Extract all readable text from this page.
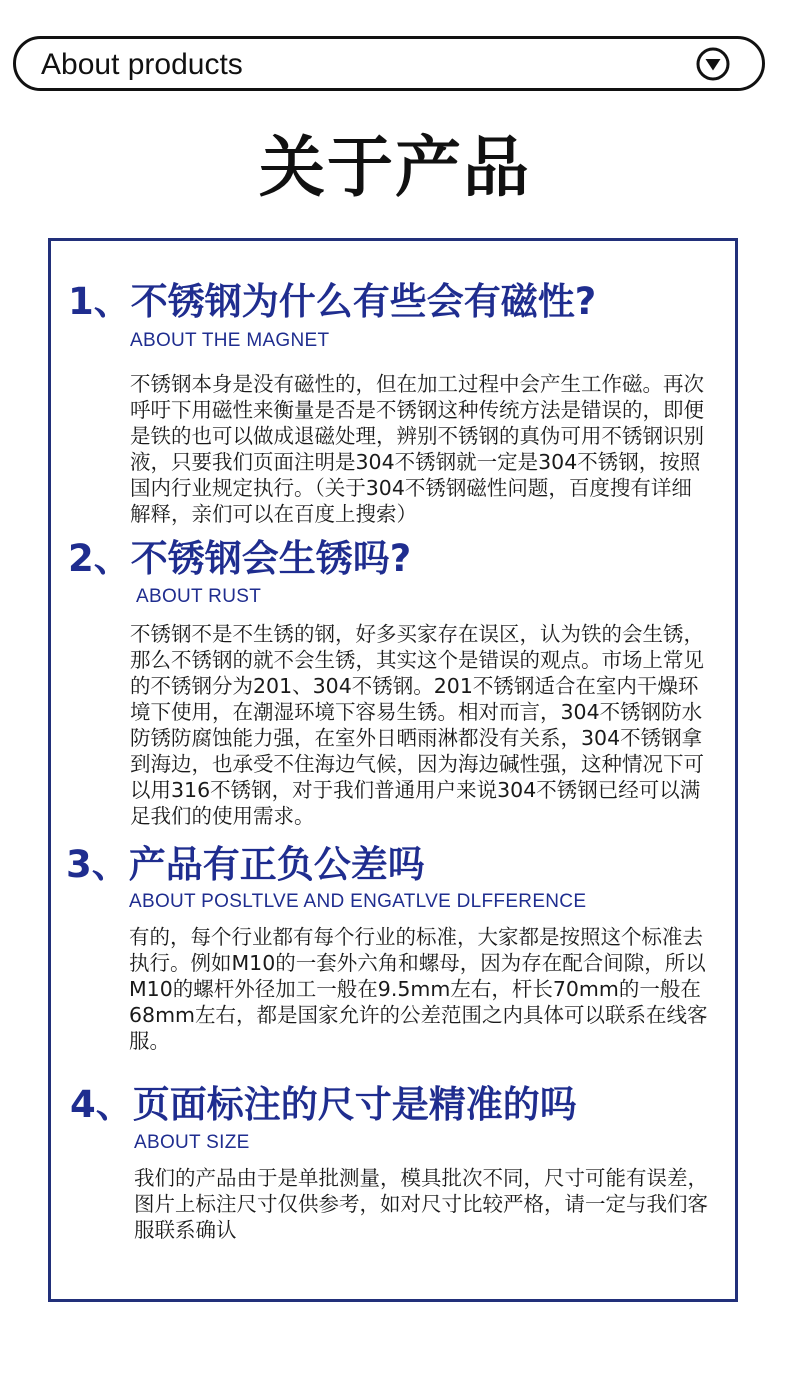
About products
关于产品
1、不锈钢为什么有些会有磁性?
ABOUT THE MAGNET

不锈钢本身是没有磁性的，但在加工过程中会产生工作磁。再次呼吁下用磁性来衡量是否是不锈钢这种传统方法是错误的，即便是铁的也可以做成退磁处理，辨别不锈钢的真伪可用不锈钢识别液，只要我们页面注明是304不锈钢就一定是304不锈钢，按照国内行业规定执行。（关于304不锈钢磁性问题，百度搜有详细解释，亲们可以在百度上搜索）

2、不锈钢会生锈吗?
ABOUT RUST

不锈钢不是不生锈的钢，好多买家存在误区，认为铁的会生锈，那么不锈钢的就不会生锈，其实这个是错误的观点。市场上常见的不锈钢分为201、304不锈钢。201不锈钢适合在室内干燥环境下使用，在潮湿环境下容易生锈。相对而言，304不锈钢防水防锈防腐蚀能力强，在室外日晒雨淋都没有关系，304不锈钢拿到海边，也承受不住海边气候，因为海边碱性强，这种情况下可以用316不锈钢，对于我们普通用户来说304不锈钢已经可以满足我们的使用需求。

3、产品有正负公差吗
ABOUT POSLTLVE AND ENGATLVE DLFFERENCE

有的，每个行业都有每个行业的标准，大家都是按照这个标准去执行。例如M10的一套外六角和螺母，因为存在配合间隙，所以M10的螺杆外径加工一般在9.5mm左右，杆长70mm的一般在68mm左右，都是国家允许的公差范围之内具体可以联系在线客服。

4、页面标注的尺寸是精准的吗
ABOUT SIZE

我们的产品由于是单批测量，模具批次不同，尺寸可能有误差，图片上标注尺寸仅供参考，如对尺寸比较严格，请一定与我们客服联系确认
